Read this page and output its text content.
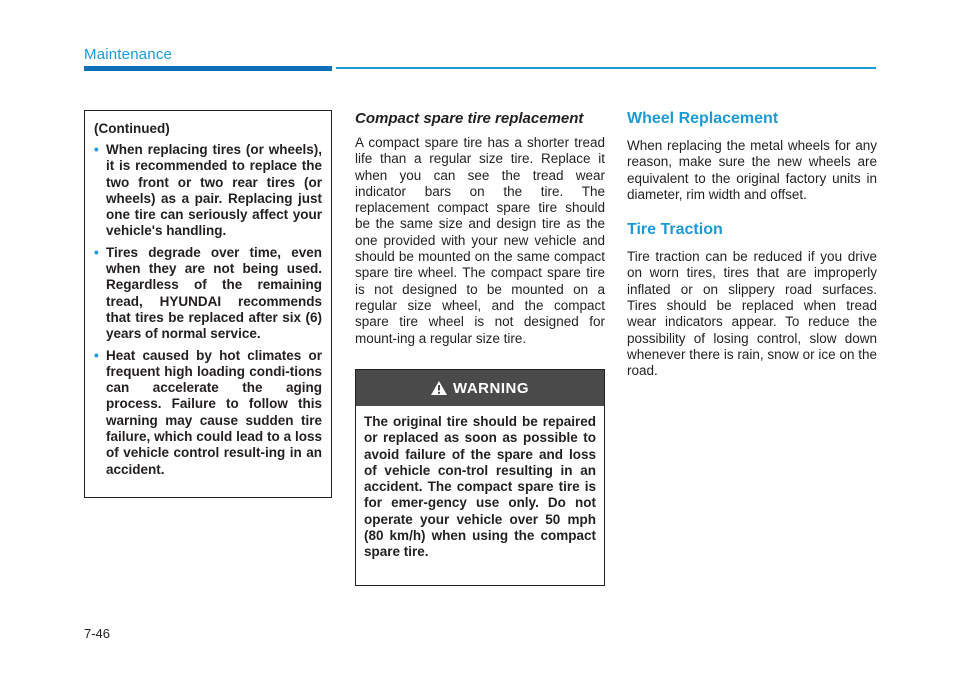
Maintenance

(Continued)

• When replacing tires (or wheels), it is recommended to replace the two front or two rear tires (or wheels) as a pair. Replacing just one tire can seriously affect your vehicle's handling.
• Tires degrade over time, even when they are not being used. Regardless of the remaining tread, HYUNDAI recommends that tires be replaced after six (6) years of normal service.
• Heat caused by hot climates or frequent high loading condi-tions can accelerate the aging process. Failure to follow this warning may cause sudden tire failure, which could lead to a loss of vehicle control result-ing in an accident.
Compact spare tire replacement

A compact spare tire has a shorter tread life than a regular size tire. Replace it when you can see the tread wear indicator bars on the tire. The replacement compact spare tire should be the same size and design tire as the one provided with your new vehicle and should be mounted on the same compact spare tire wheel. The compact spare tire is not designed to be mounted on a regular size wheel, and the compact spare tire wheel is not designed for mount-ing a regular size tire.

WARNING
The original tire should be repaired or replaced as soon as possible to avoid failure of the spare and loss of vehicle con-trol resulting in an accident. The compact spare tire is for emer-gency use only. Do not operate your vehicle over 50 mph (80 km/h) when using the compact spare tire.
Wheel Replacement

When replacing the metal wheels for any reason, make sure the new wheels are equivalent to the original factory units in diameter, rim width and offset.

Tire Traction

Tire traction can be reduced if you drive on worn tires, tires that are improperly inflated or on slippery road surfaces. Tires should be replaced when tread wear indicators appear. To reduce the possibility of losing control, slow down whenever there is rain, snow or ice on the road.

7-46
